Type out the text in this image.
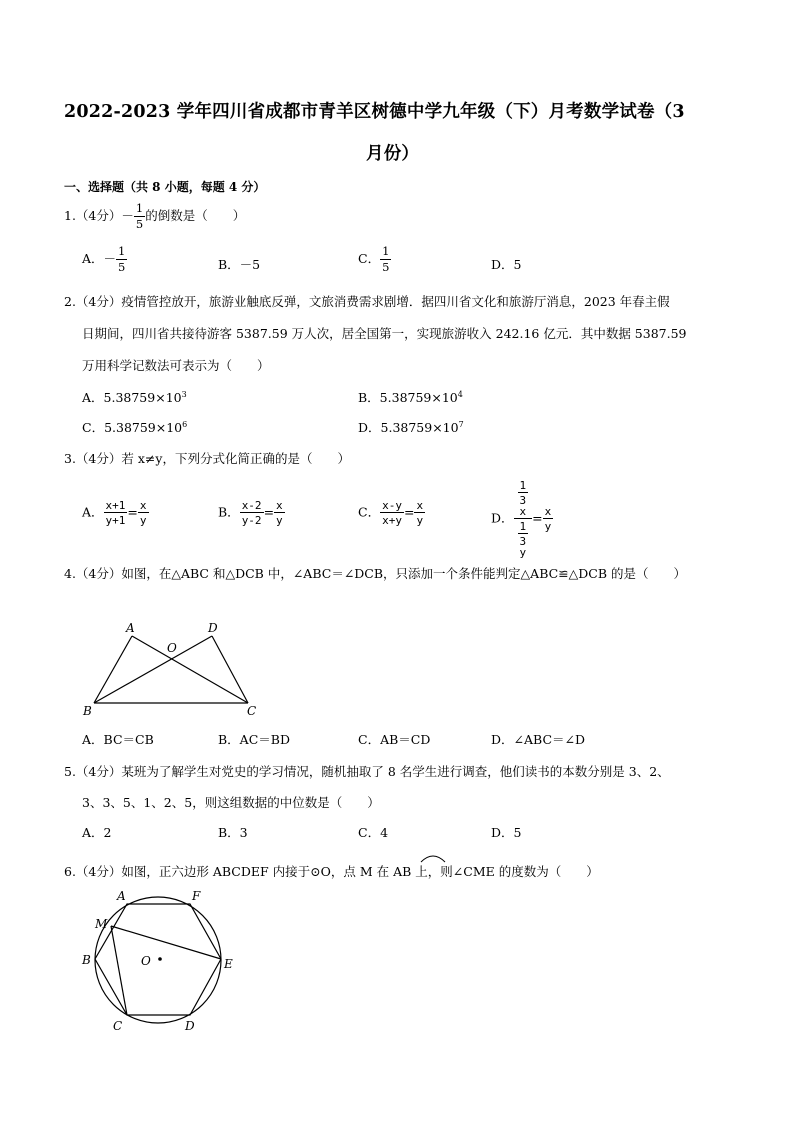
2022-2023 学年四川省成都市青羊区树德中学九年级（下）月考数学试卷（3
月份）
一、选择题（共 8 小题，每题 4 分）
1.（4分）－ $\frac{1}{5}$ 的倒数是（　　）
A．－ $\frac{1}{5}$	B．－5	C． $\frac{1}{5}$	D．5
2.（4分）疫情管控放开，旅游业触底反弹，文旅消费需求剧增．据四川省文化和旅游厅消息，2023 年春主假
日期间，四川省共接待游客 5387.59 万人次，居全国第一，实现旅游收入 242.16 亿元．其中数据 5387.59
万用科学记数法可表示为（　　）
A．$5.38759\times 10^3$	B．$5.38759\times 10^4$
C．$5.38759\times 10^6$	D．$5.38759\times 10^7$
3.（4分）若 x≠y，下列分式化简正确的是（　　）
A． $\frac{x+1}{y+1} = \frac{x}{y}$	B． $\frac{x-2}{y-2} = \frac{x}{y}$	C． $\frac{x-y}{x+y} = \frac{x}{y}$	D． 1
3
x
1
3
$y = \frac{x}{y}$
4.（4分）如图，在△ABC 和△DCB 中，∠ABC＝∠DCB，只添加一个条件能判定△ABC≌△DCB 的是（　　）
A	D
O
B	C
A．BC＝CB	B．AC＝BD	C．AB＝CD	D．∠ABC＝∠D
5.（4分）某班为了解学生对党史的学习情况，随机抽取了 8 名学生进行调查，他们读书的本数分别是 3、2、
3、3、5、1、2、5，则这组数据的中位数是（　　）
A．2	B．3	C．4	D．5
6.（4分）如图，正六边形 ABCDEF 内接于⊙O，点 M 在 AB 上，则∠CME 的度数为（　　）
A	F
M
B	O	E
C	D
